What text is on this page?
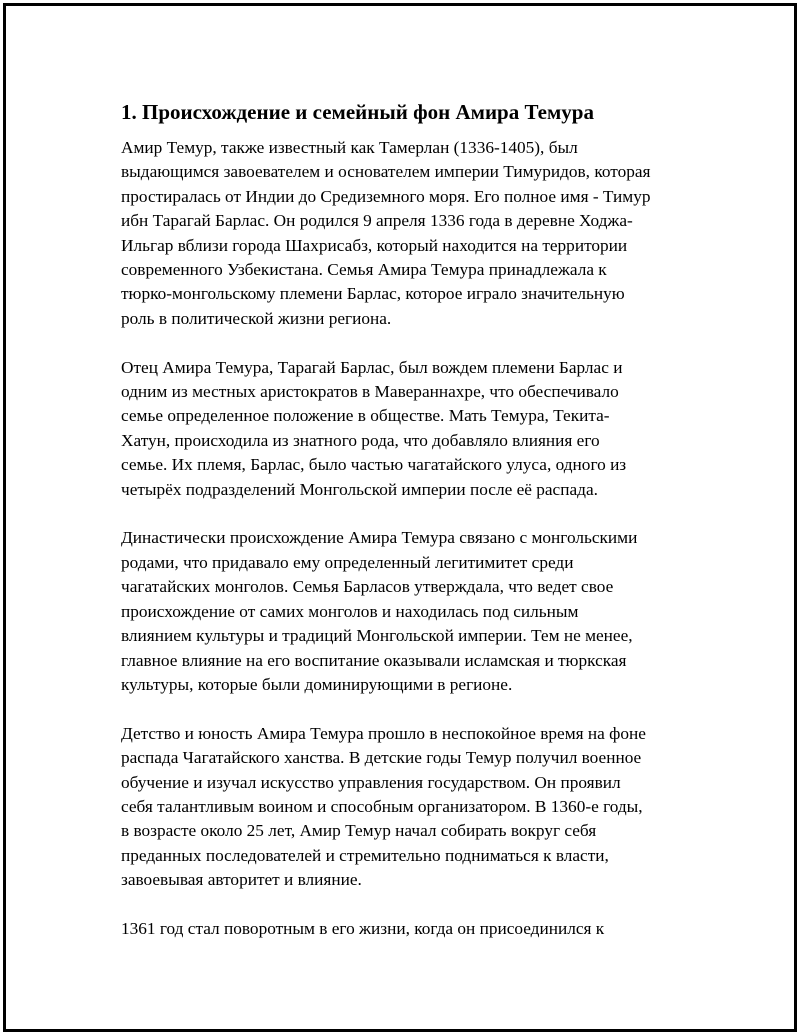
1. Происхождение и семейный фон Амира Темура

Амир Темур, также известный как Тамерлан (1336-1405), был
выдающимся завоевателем и основателем империи Тимуридов, которая
простиралась от Индии до Средиземного моря. Его полное имя - Тимур
ибн Тарагай Барлас. Он родился 9 апреля 1336 года в деревне Ходжа-
Ильгар вблизи города Шахрисабз, который находится на территории
современного Узбекистана. Семья Амира Темура принадлежала к
тюрко-монгольскому племени Барлас, которое играло значительную
роль в политической жизни региона.

Отец Амира Темура, Тарагай Барлас, был вождем племени Барлас и
одним из местных аристократов в Мавераннахре, что обеспечивало
семье определенное положение в обществе. Мать Темура, Текита-
Хатун, происходила из знатного рода, что добавляло влияния его
семье. Их племя, Барлас, было частью чагатайского улуса, одного из
четырёх подразделений Монгольской империи после её распада.

Династически происхождение Амира Темура связано с монгольскими
родами, что придавало ему определенный легитимитет среди
чагатайских монголов. Семья Барласов утверждала, что ведет свое
происхождение от самих монголов и находилась под сильным
влиянием культуры и традиций Монгольской империи. Тем не менее,
главное влияние на его воспитание оказывали исламская и тюркская
культуры, которые были доминирующими в регионе.

Детство и юность Амира Темура прошло в неспокойное время на фоне
распада Чагатайского ханства. В детские годы Темур получил военное
обучение и изучал искусство управления государством. Он проявил
себя талантливым воином и способным организатором. В 1360-е годы,
в возрасте около 25 лет, Амир Темур начал собирать вокруг себя
преданных последователей и стремительно подниматься к власти,
завоевывая авторитет и влияние.

1361 год стал поворотным в его жизни, когда он присоединился к
